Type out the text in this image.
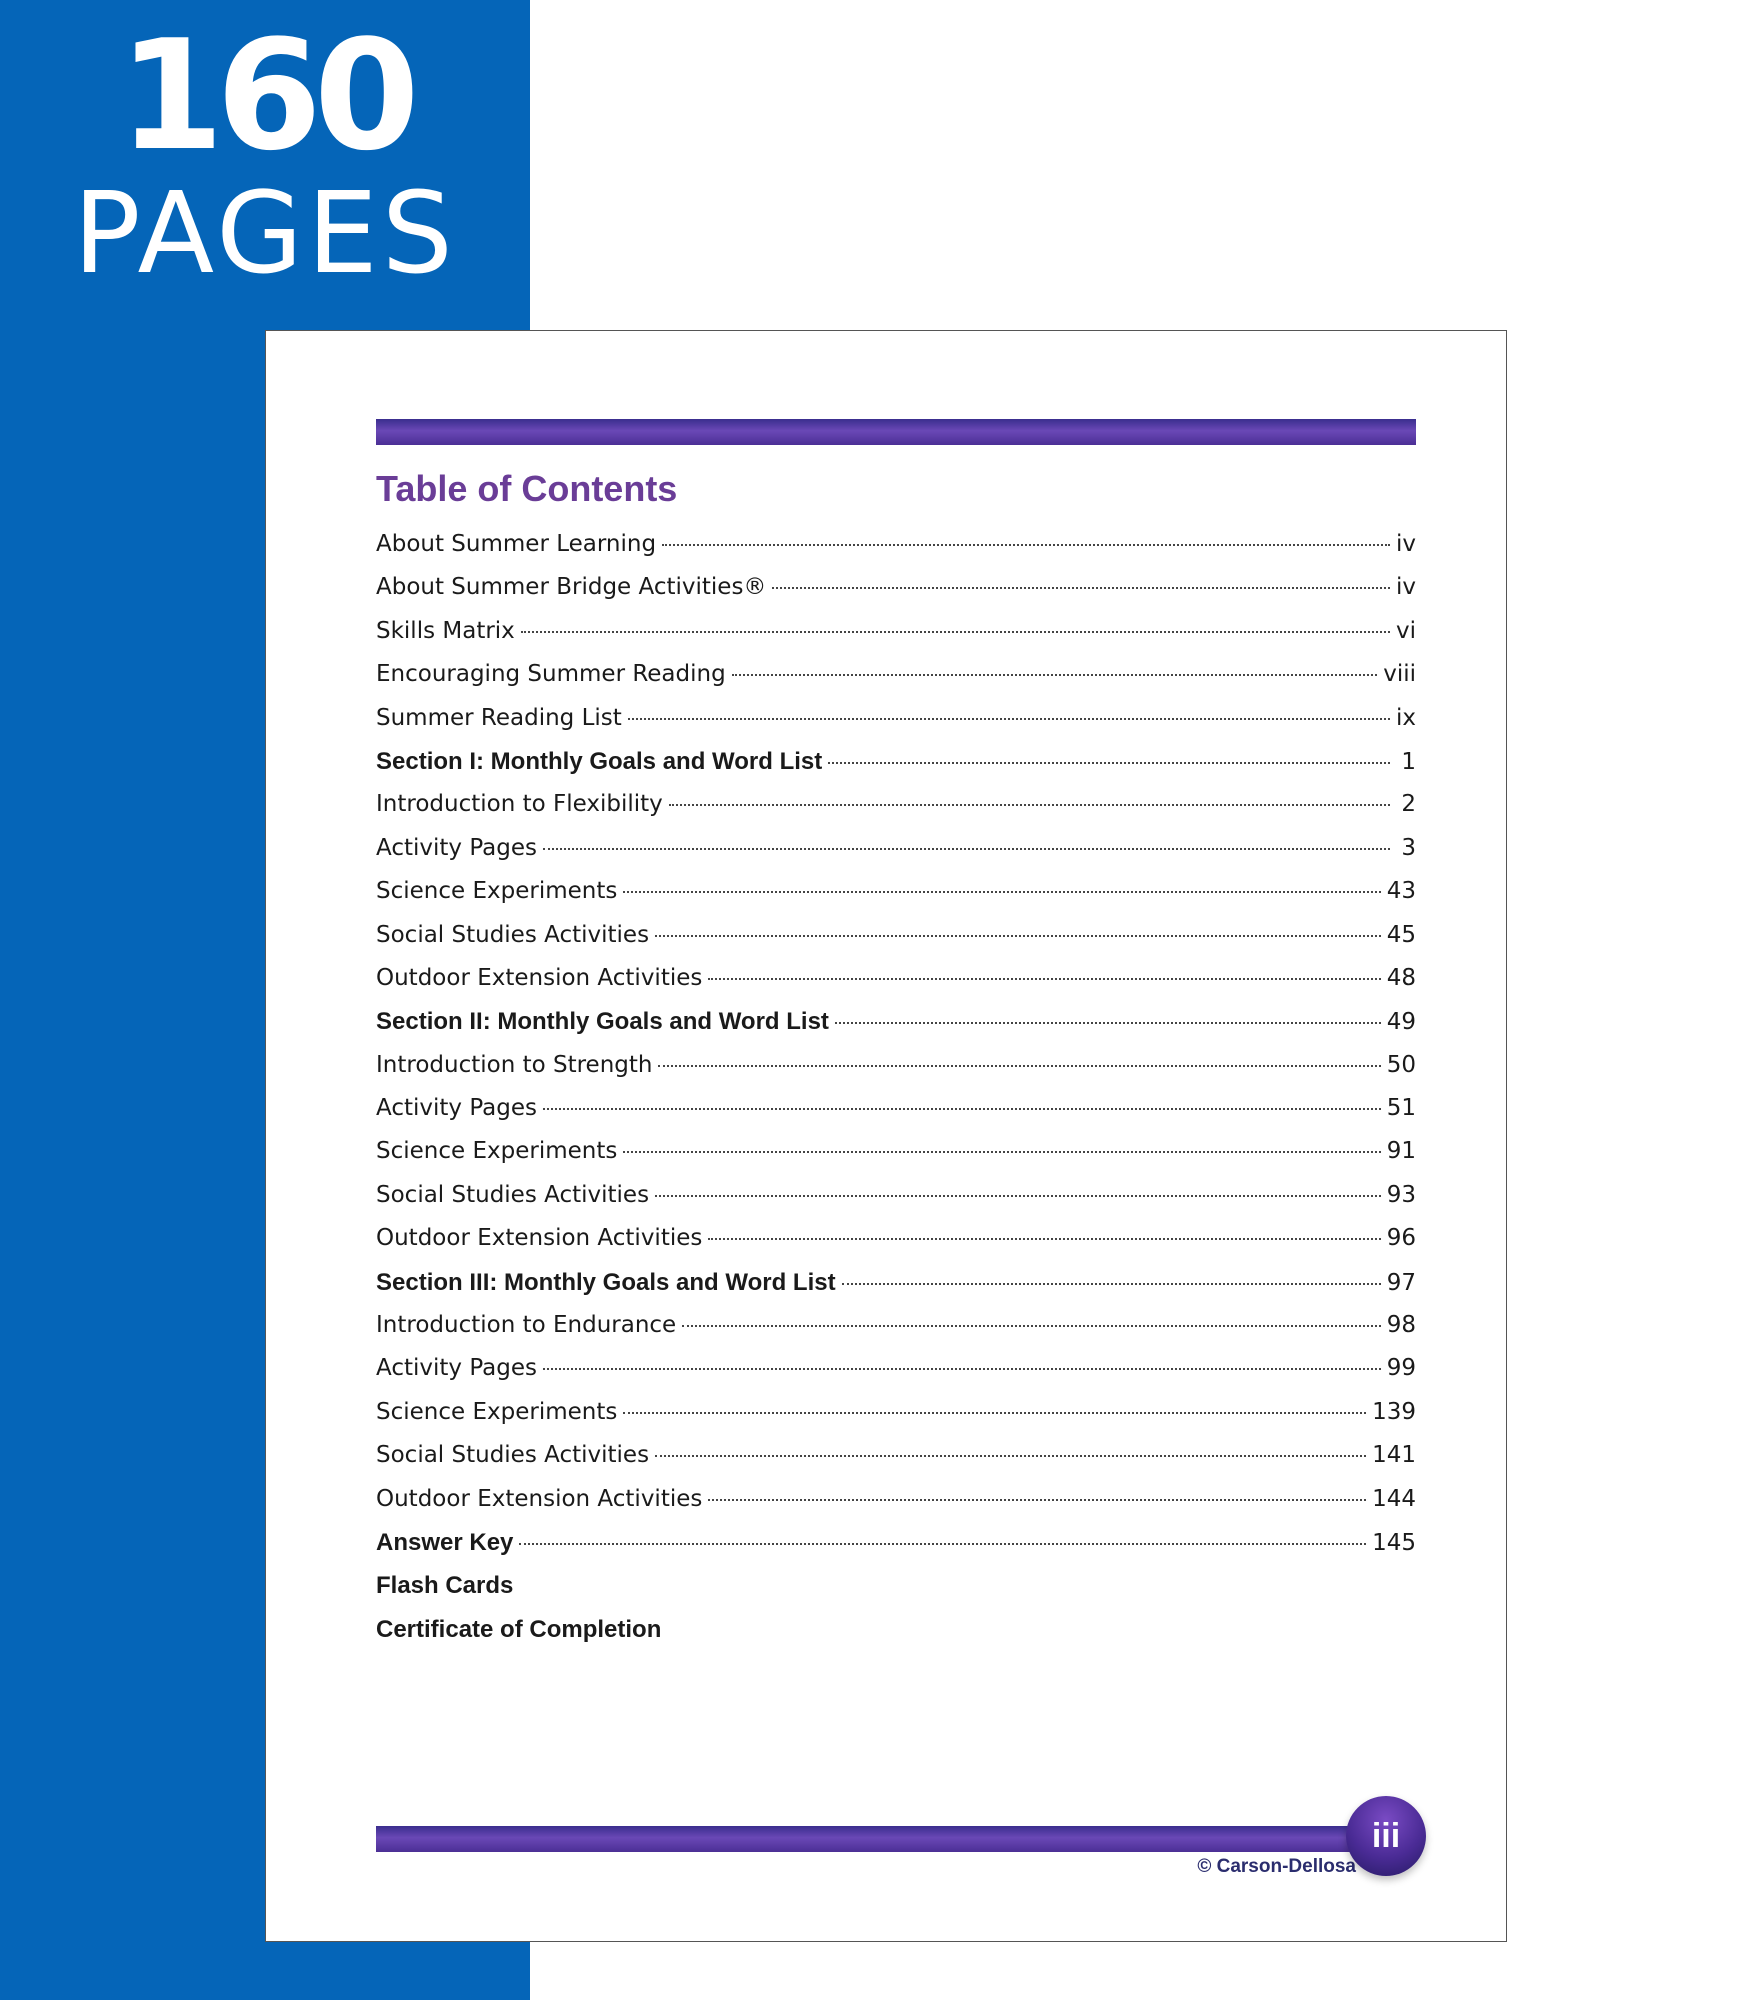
160
PAGES
Table of Contents
About Summer Learning	iv
About Summer Bridge Activities®	iv
Skills Matrix	vi
Encouraging Summer Reading	viii
Summer Reading List	ix
Section I: Monthly Goals and Word List	1
Introduction to Flexibility	2
Activity Pages	3
Science Experiments	43
Social Studies Activities	45
Outdoor Extension Activities	48
Section II: Monthly Goals and Word List	49
Introduction to Strength	50
Activity Pages	51
Science Experiments	91
Social Studies Activities	93
Outdoor Extension Activities	96
Section III: Monthly Goals and Word List	97
Introduction to Endurance	98
Activity Pages	99
Science Experiments	139
Social Studies Activities	141
Outdoor Extension Activities	144
Answer Key	145
Flash Cards
Certificate of Completion
© Carson-Dellosa
iii
